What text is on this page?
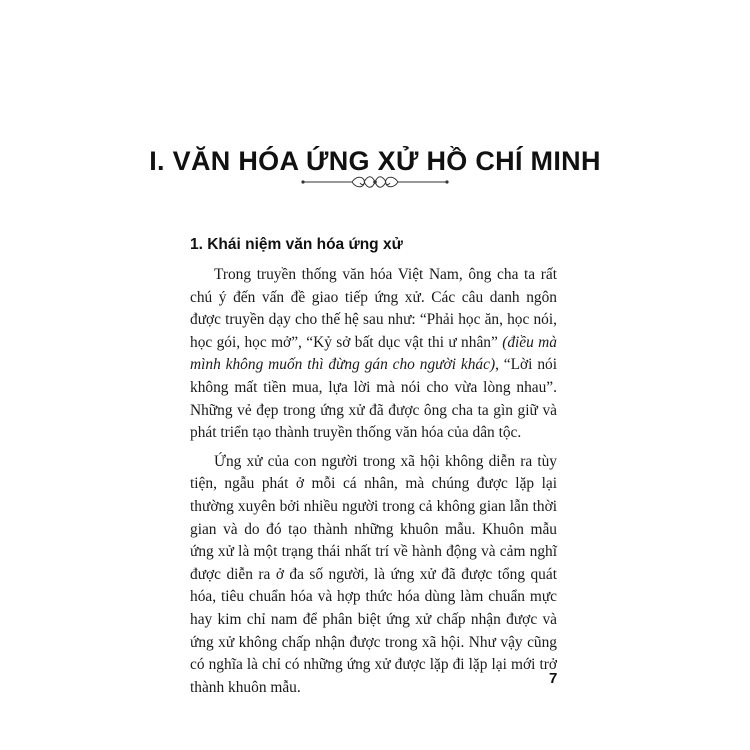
I. VĂN HÓA ỨNG XỬ HỒ CHÍ MINH
1. Khái niệm văn hóa ứng xử

Trong truyền thống văn hóa Việt Nam, ông cha ta rất chú ý đến vấn đề giao tiếp ứng xử. Các câu danh ngôn được truyền dạy cho thế hệ sau như: “Phải học ăn, học nói, học gói, học mở”, “Kỷ sở bất dục vật thi ư nhân” (điều mà mình không muốn thì đừng gán cho người khác), “Lời nói không mất tiền mua, lựa lời mà nói cho vừa lòng nhau”. Những vẻ đẹp trong ứng xử đã được ông cha ta gìn giữ và phát triển tạo thành truyền thống văn hóa của dân tộc.

Ứng xử của con người trong xã hội không diễn ra tùy tiện, ngẫu phát ở mỗi cá nhân, mà chúng được lặp lại thường xuyên bởi nhiều người trong cả không gian lẫn thời gian và do đó tạo thành những khuôn mẫu. Khuôn mẫu ứng xử là một trạng thái nhất trí về hành động và cảm nghĩ được diễn ra ở đa số người, là ứng xử đã được tổng quát hóa, tiêu chuẩn hóa và hợp thức hóa dùng làm chuẩn mực hay kim chỉ nam để phân biệt ứng xử chấp nhận được và ứng xử không chấp nhận được trong xã hội. Như vậy cũng có nghĩa là chỉ có những ứng xử được lặp đi lặp lại mới trở thành khuôn mẫu.

7
